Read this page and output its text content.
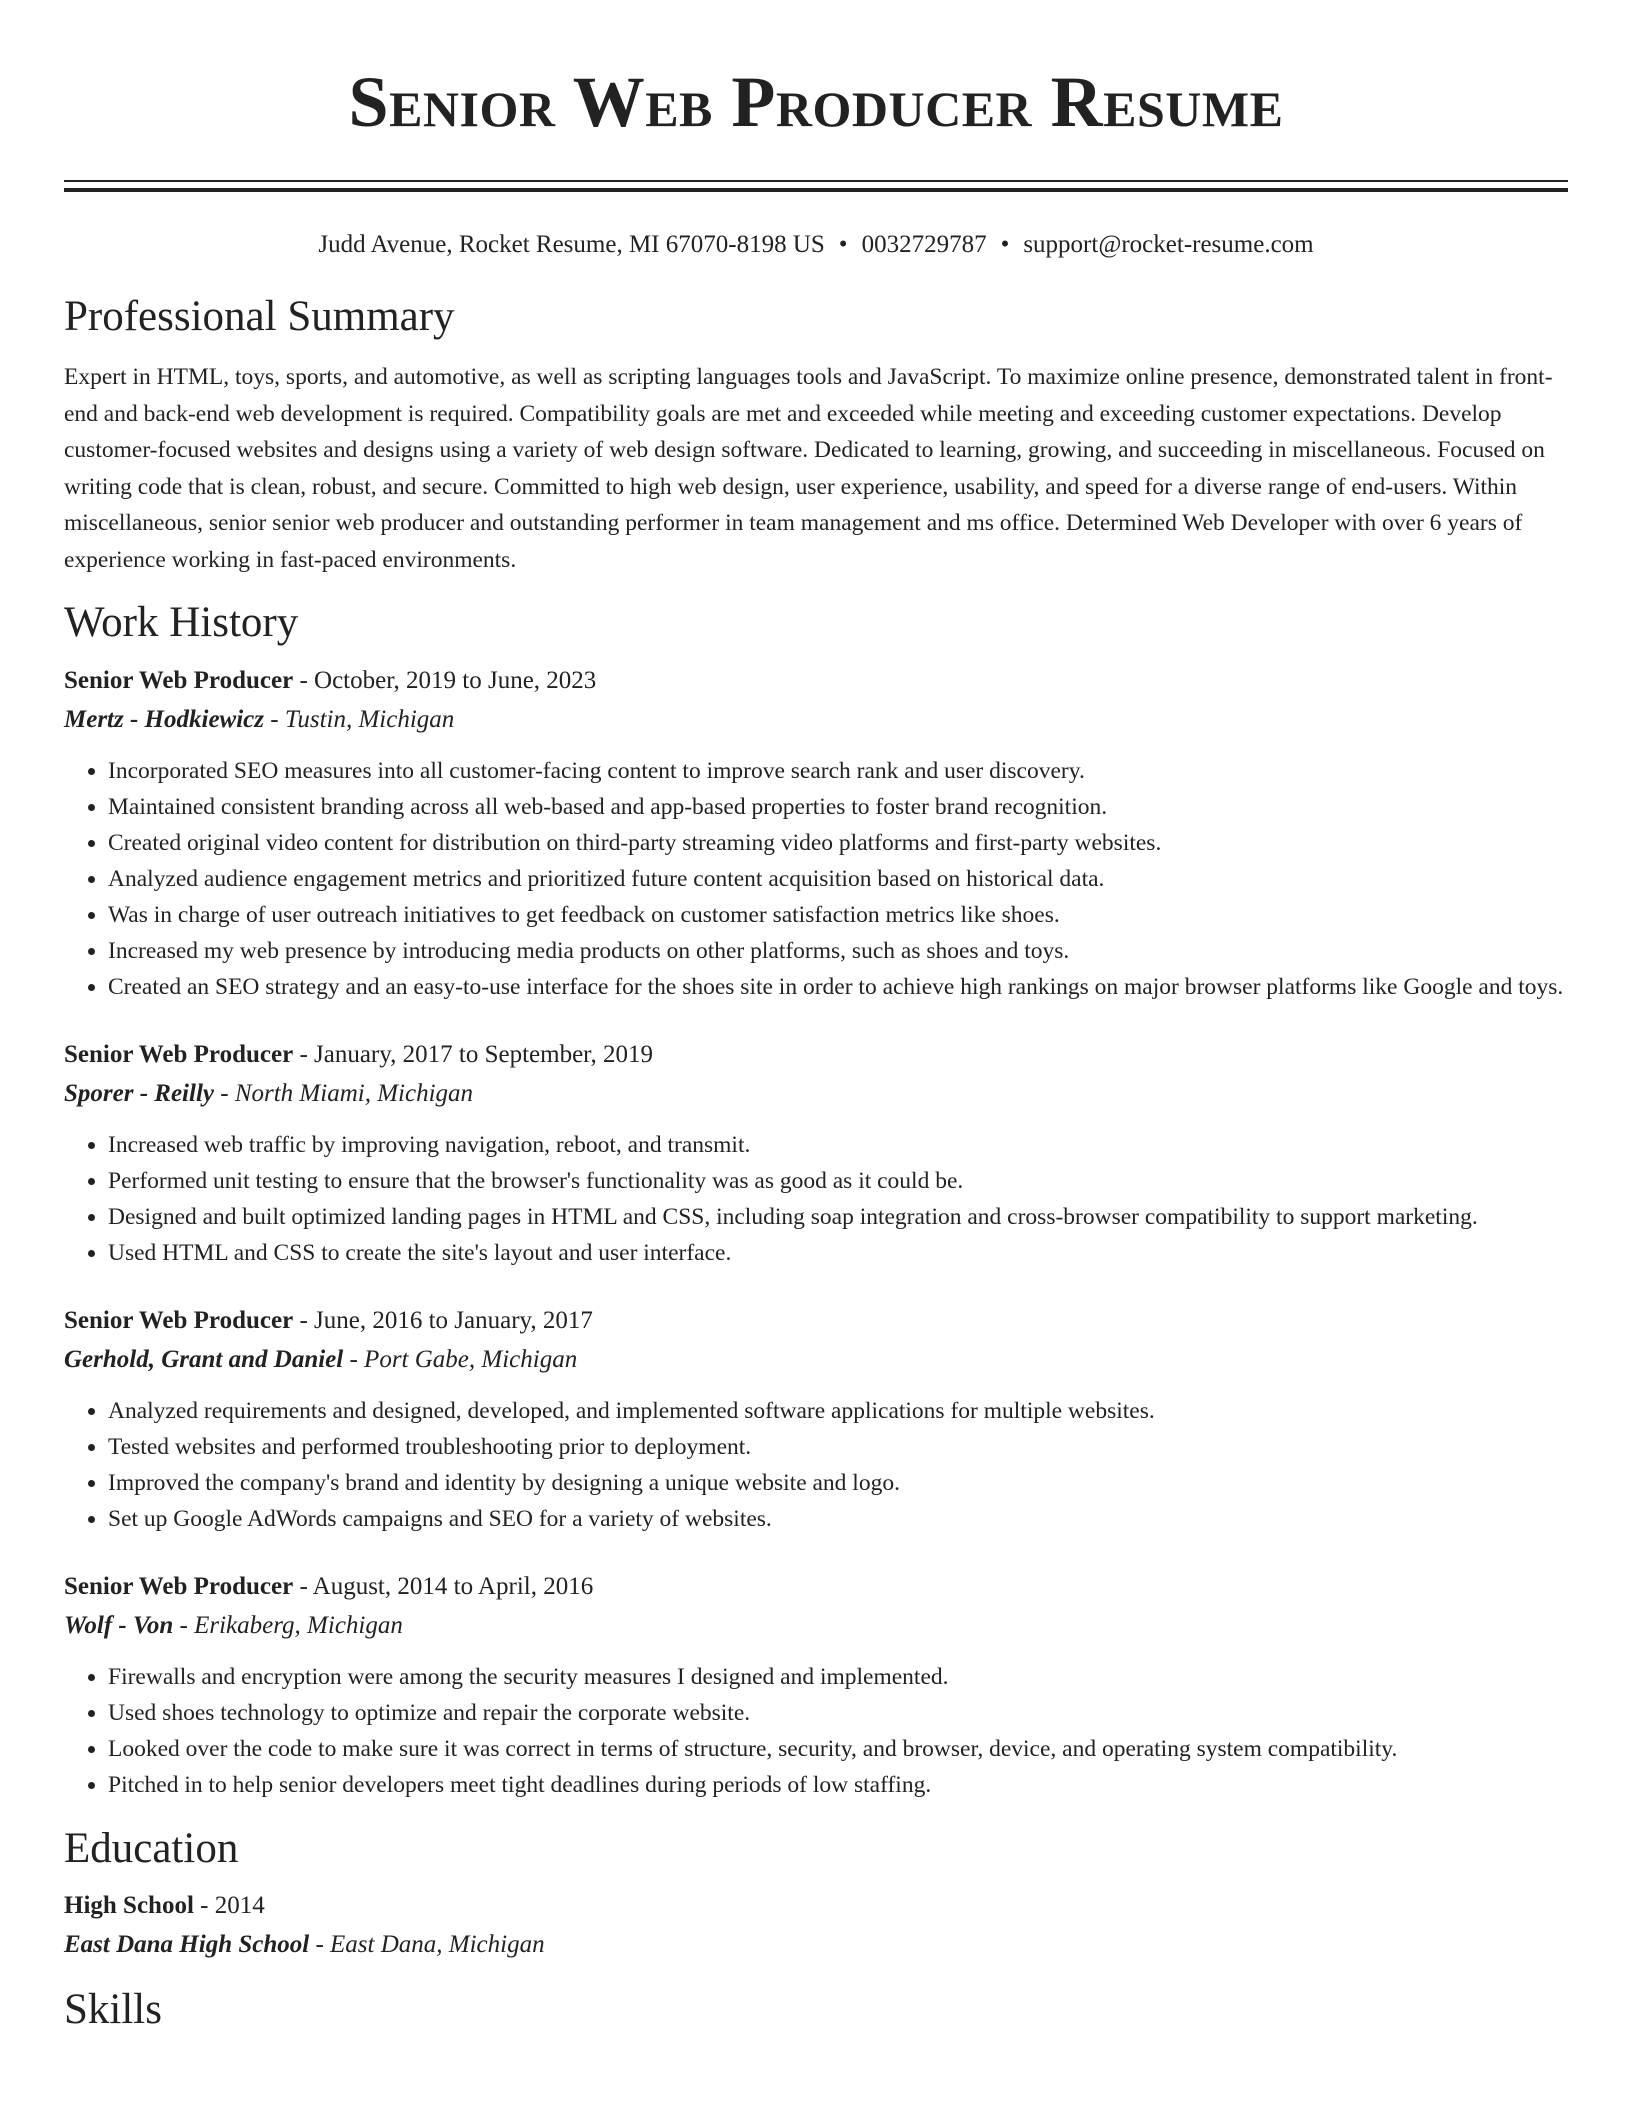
Senior Web Producer Resume
Judd Avenue, Rocket Resume, MI 67070-8198 US • 0032729787 • support@rocket-resume.com
Professional Summary

Expert in HTML, toys, sports, and automotive, as well as scripting languages tools and JavaScript. To maximize online presence, demonstrated talent in front-end and back-end web development is required. Compatibility goals are met and exceeded while meeting and exceeding customer expectations. Develop customer-focused websites and designs using a variety of web design software. Dedicated to learning, growing, and succeeding in miscellaneous. Focused on writing code that is clean, robust, and secure. Committed to high web design, user experience, usability, and speed for a diverse range of end-users. Within miscellaneous, senior senior web producer and outstanding performer in team management and ms office. Determined Web Developer with over 6 years of experience working in fast-paced environments.

Work History
Senior Web Producer - October, 2019 to June, 2023
Mertz - Hodkiewicz - Tustin, Michigan
• Incorporated SEO measures into all customer-facing content to improve search rank and user discovery.
• Maintained consistent branding across all web-based and app-based properties to foster brand recognition.
• Created original video content for distribution on third-party streaming video platforms and first-party websites.
• Analyzed audience engagement metrics and prioritized future content acquisition based on historical data.
• Was in charge of user outreach initiatives to get feedback on customer satisfaction metrics like shoes.
• Increased my web presence by introducing media products on other platforms, such as shoes and toys.
• Created an SEO strategy and an easy-to-use interface for the shoes site in order to achieve high rankings on major browser platforms like Google and toys.
Senior Web Producer - January, 2017 to September, 2019
Sporer - Reilly - North Miami, Michigan
• Increased web traffic by improving navigation, reboot, and transmit.
• Performed unit testing to ensure that the browser's functionality was as good as it could be.
• Designed and built optimized landing pages in HTML and CSS, including soap integration and cross-browser compatibility to support marketing.
• Used HTML and CSS to create the site's layout and user interface.
Senior Web Producer - June, 2016 to January, 2017
Gerhold, Grant and Daniel - Port Gabe, Michigan
• Analyzed requirements and designed, developed, and implemented software applications for multiple websites.
• Tested websites and performed troubleshooting prior to deployment.
• Improved the company's brand and identity by designing a unique website and logo.
• Set up Google AdWords campaigns and SEO for a variety of websites.
Senior Web Producer - August, 2014 to April, 2016
Wolf - Von - Erikaberg, Michigan
• Firewalls and encryption were among the security measures I designed and implemented.
• Used shoes technology to optimize and repair the corporate website.
• Looked over the code to make sure it was correct in terms of structure, security, and browser, device, and operating system compatibility.
• Pitched in to help senior developers meet tight deadlines during periods of low staffing.
Education
High School - 2014
East Dana High School - East Dana, Michigan
Skills
